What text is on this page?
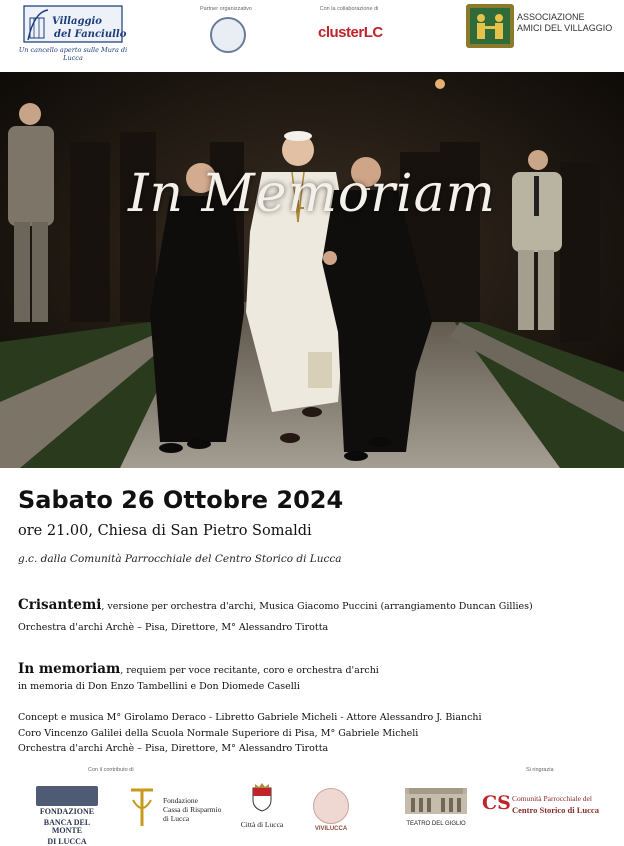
Villaggio
del Fanciullo
Un cancello aperto sulle Mura di Lucca
Partner organizzativo	Con la collaborazione di
clusterLC
ASSOCIAZIONE
AMICI DEL VILLAGGIO
In Memoriam
Sabato 26 Ottobre 2024
ore 21.00, Chiesa di San Pietro Somaldi
g.c. dalla Comunità Parrocchiale del Centro Storico di Lucca
Crisantemi, versione per orchestra d'archi, Musica Giacomo Puccini (arrangiamento Duncan Gillies)
Orchestra d'archi Archè – Pisa, Direttore, M° Alessandro Tirotta
In memoriam, requiem per voce recitante, coro e orchestra d'archi
in memoria di Don Enzo Tambellini e Don Diomede Caselli
Concept e musica M° Girolamo Deraco - Libretto Gabriele Micheli - Attore Alessandro J. Bianchi
Coro Vincenzo Galilei della Scuola Normale Superiore di Pisa, M° Gabriele Micheli
Orchestra d'archi Archè – Pisa, Direttore, M° Alessandro Tirotta
Con il contributo di	Si ringrazia
FONDAZIONE
BANCA DEL MONTE
DI LUCCA
Fondazione
Cassa di Risparmio
di Lucca
Città di Lucca	VIVILUCCA
TEATRO DEL GIGLIO
CS Comunità Parrocchiale del
Centro Storico di Lucca
